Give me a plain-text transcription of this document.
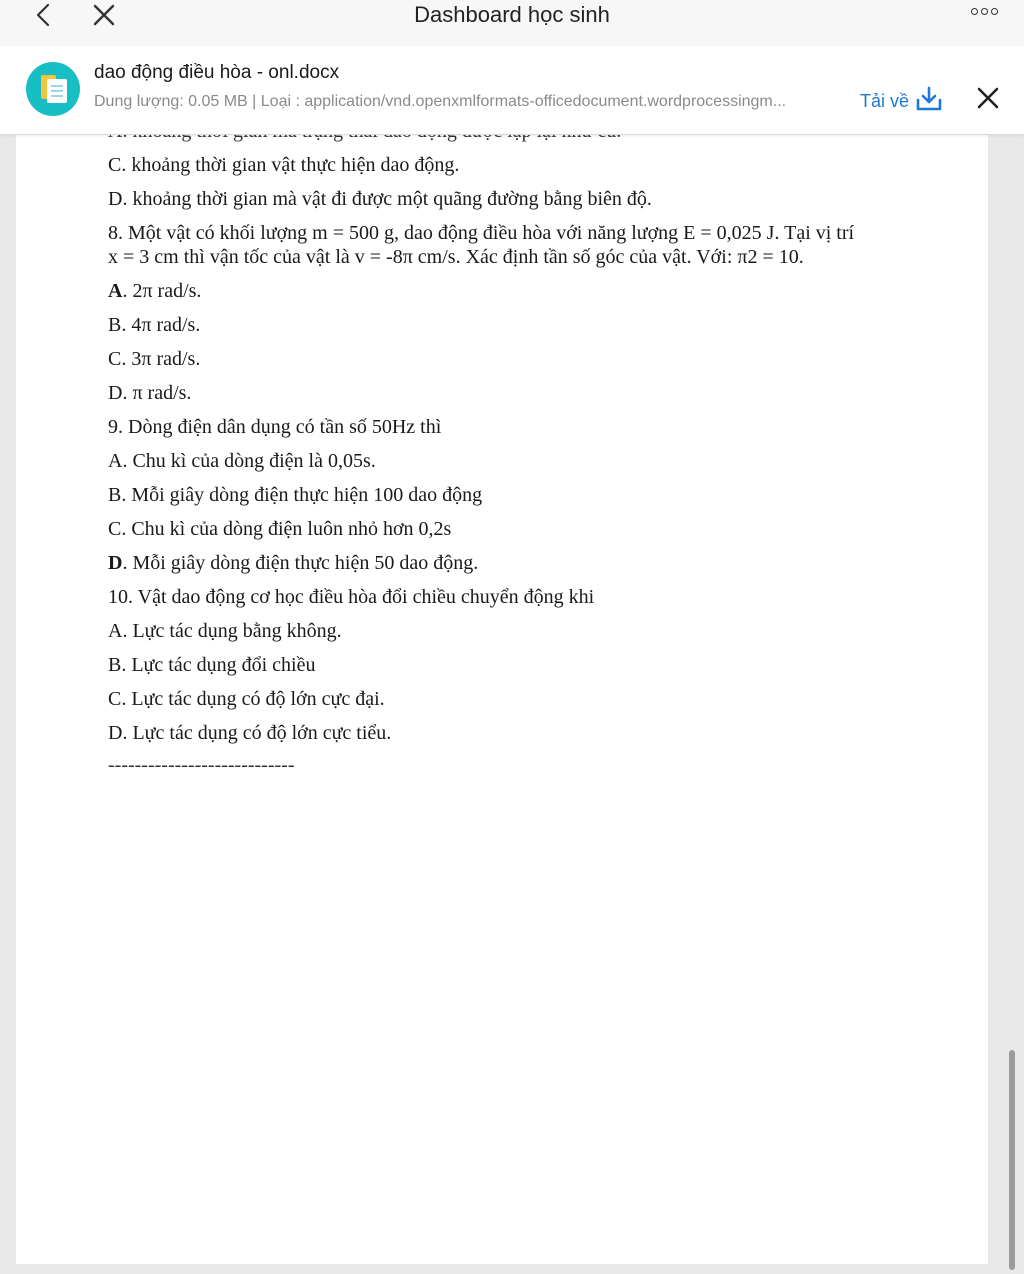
Dashboard học sinh
dao động điều hòa - onl.docx
Dung lượng: 0.05 MB | Loại : application/vnd.openxmlformats-officedocument.wordprocessingm...	Tải về
C. khoảng thời gian vật thực hiện dao động.
D. khoảng thời gian mà vật đi được một quãng đường bằng biên độ.
8. Một vật có khối lượng m = 500 g, dao động điều hòa với năng lượng E = 0,025 J. Tại vị trí x = 3 cm thì vận tốc của vật là v = -8π cm/s. Xác định tần số góc của vật. Với: π2 = 10.
A. 2π rad/s.
B. 4π rad/s.
C. 3π rad/s.
D. π rad/s.
9. Dòng điện dân dụng có tần số 50Hz thì
A. Chu kì của dòng điện là 0,05s.
B. Mỗi giây dòng điện thực hiện 100 dao động
C. Chu kì của dòng điện luôn nhỏ hơn 0,2s
D. Mỗi giây dòng điện thực hiện 50 dao động.
10. Vật dao động cơ học điều hòa đổi chiều chuyển động khi
A. Lực tác dụng bằng không.
B. Lực tác dụng đổi chiều
C. Lực tác dụng có độ lớn cực đại.
D. Lực tác dụng có độ lớn cực tiểu.
----------------------------
